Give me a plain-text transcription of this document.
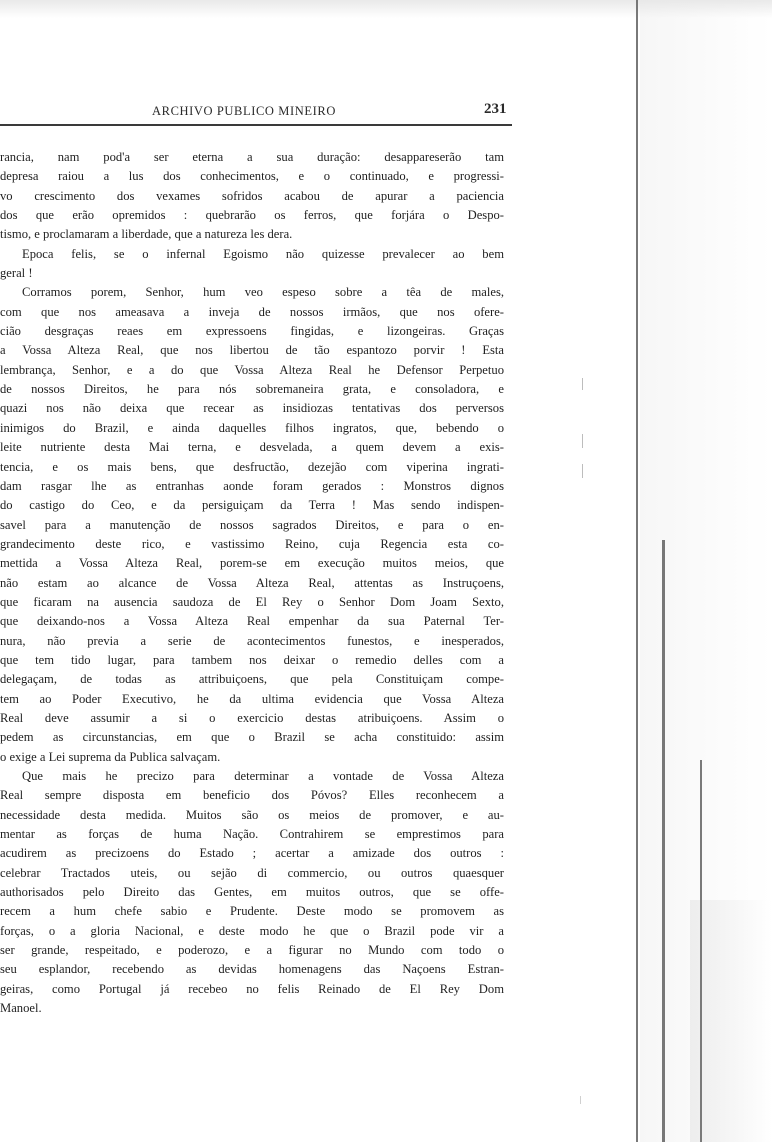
ARCHIVO PUBLICO MINEIRO	231
rancia, nam pod'a ser eterna a sua duração: desappareserão tam
depresa raiou a lus dos conhecimentos, e o continuado, e progressi-
vo crescimento dos vexames sofridos acabou de apurar a paciencia
dos que erão opremidos : quebrarão os ferros, que forjára o Despo-
tismo, e proclamaram a liberdade, que a natureza les dera.
Epoca felis, se o infernal Egoismo não quizesse prevalecer ao bem
geral !
Corramos porem, Senhor, hum veo espeso sobre a têa de males,
com que nos ameasava a inveja de nossos irmãos, que nos ofere-
cião desgraças reaes em expressoens fingidas, e lizongeiras. Graças
a Vossa Alteza Real, que nos libertou de tão espantozo porvir ! Esta
lembrança, Senhor, e a do que Vossa Alteza Real he Defensor Perpetuo
de nossos Direitos, he para nós sobremaneira grata, e consoladora, e
quazi nos não deixa que recear as insidiozas tentativas dos perversos
inimigos do Brazil, e ainda daquelles filhos ingratos, que, bebendo o
leite nutriente desta Mai terna, e desvelada, a quem devem a exis-
tencia, e os mais bens, que desfructão, dezejão com viperina ingrati-
dam rasgar lhe as entranhas aonde foram gerados : Monstros dignos
do castigo do Ceo, e da persiguiçam da Terra ! Mas sendo indispen-
savel para a manutenção de nossos sagrados Direitos, e para o en-
grandecimento deste rico, e vastissimo Reino, cuja Regencia esta co-
mettida a Vossa Alteza Real, porem-se em execução muitos meios, que
não estam ao alcance de Vossa Alteza Real, attentas as Instruçoens,
que ficaram na ausencia saudoza de El Rey o Senhor Dom Joam Sexto,
que deixando-nos a Vossa Alteza Real empenhar da sua Paternal Ter-
nura, não previa a serie de acontecimentos funestos, e inesperados,
que tem tido lugar, para tambem nos deixar o remedio delles com a
delegaçam, de todas as attribuiçoens, que pela Constituiçam compe-
tem ao Poder Executivo, he da ultima evidencia que Vossa Alteza
Real deve assumir a si o exercicio destas atribuiçoens. Assim o
pedem as circunstancias, em que o Brazil se acha constituido: assim
o exige a Lei suprema da Publica salvaçam.
Que mais he precizo para determinar a vontade de Vossa Alteza
Real sempre disposta em beneficio dos Póvos? Elles reconhecem a
necessidade desta medida. Muitos são os meios de promover, e au-
mentar as forças de huma Nação. Contrahirem se emprestimos para
acudirem as precizoens do Estado ; acertar a amizade dos outros :
celebrar Tractados uteis, ou sejão di commercio, ou outros quaesquer
authorisados pelo Direito das Gentes, em muitos outros, que se offe-
recem a hum chefe sabio e Prudente. Deste modo se promovem as
forças, o a gloria Nacional, e deste modo he que o Brazil pode vir a
ser grande, respeitado, e poderozo, e a figurar no Mundo com todo o
seu esplandor, recebendo as devidas homenagens das Naçoens Estran-
geiras, como Portugal já recebeo no felis Reinado de El Rey Dom
Manoel.
